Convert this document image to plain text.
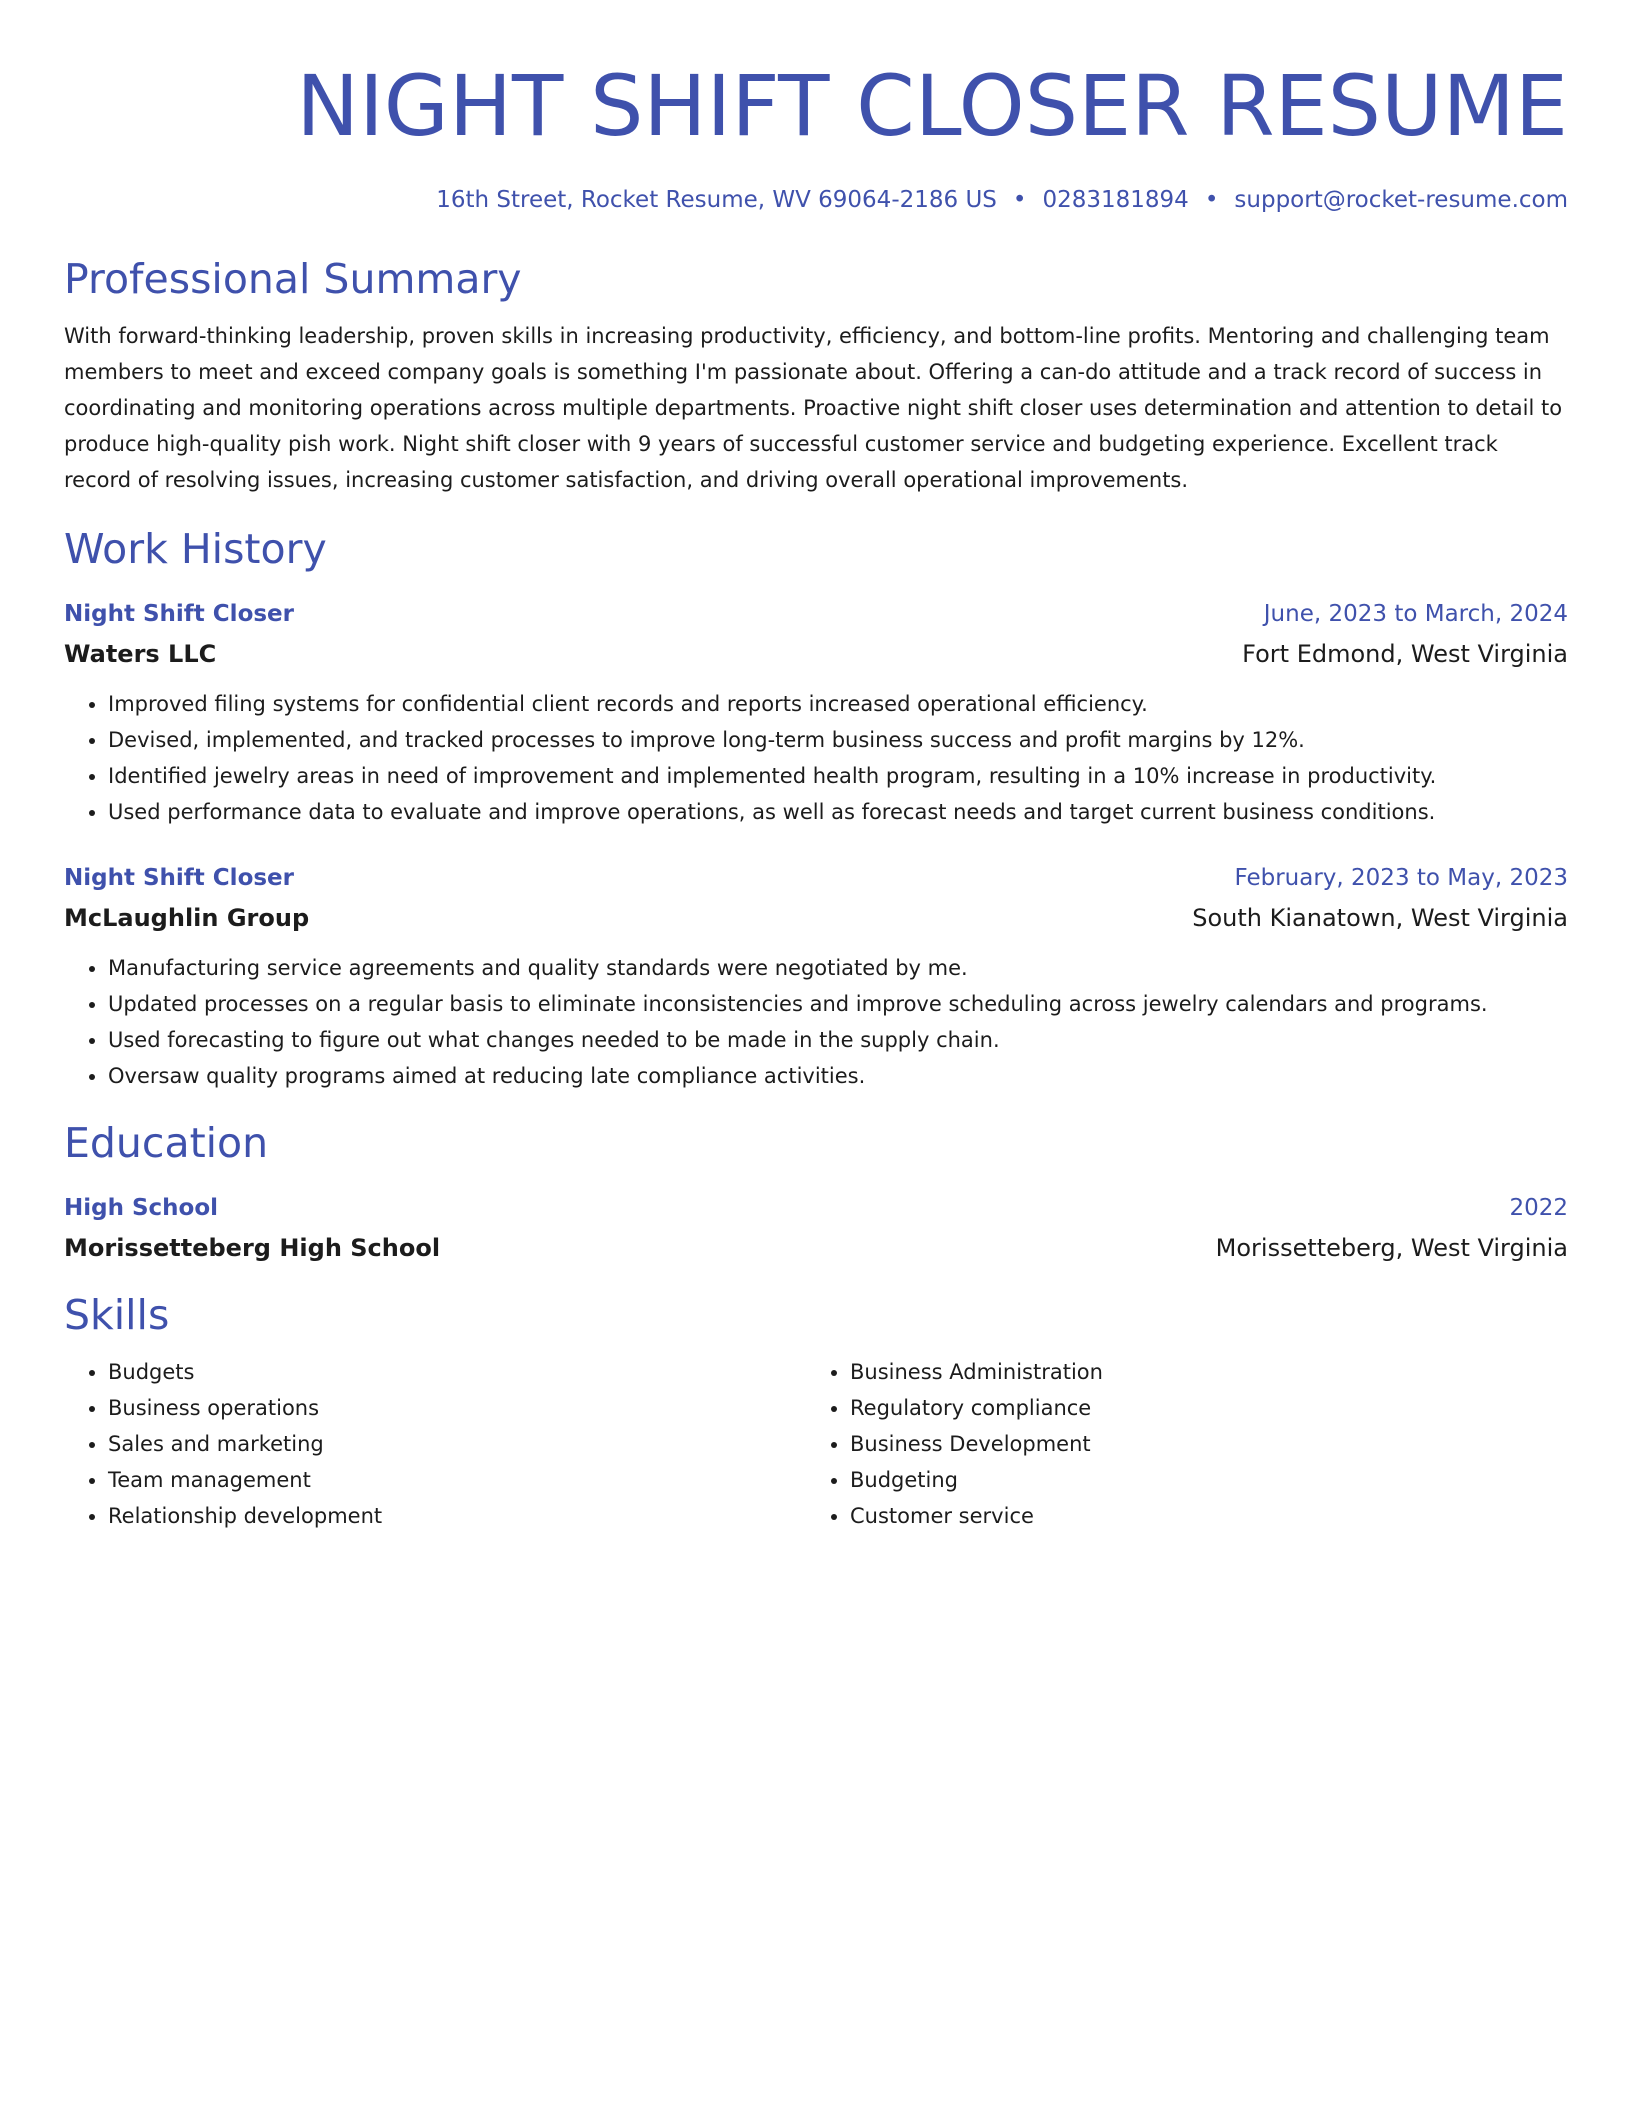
NIGHT SHIFT CLOSER RESUME
16th Street, Rocket Resume, WV 69064-2186 US • 0283181894 • support@rocket-resume.com
Professional Summary
With forward-thinking leadership, proven skills in increasing productivity, efficiency, and bottom-line profits. Mentoring and challenging team members to meet and exceed company goals is something I'm passionate about. Offering a can-do attitude and a track record of success in coordinating and monitoring operations across multiple departments. Proactive night shift closer uses determination and attention to detail to produce high-quality pish work. Night shift closer with 9 years of successful customer service and budgeting experience. Excellent track record of resolving issues, increasing customer satisfaction, and driving overall operational improvements.
Work History
Night Shift Closer	June, 2023 to March, 2024
Waters LLC	Fort Edmond, West Virginia
• Improved filing systems for confidential client records and reports increased operational efficiency.
• Devised, implemented, and tracked processes to improve long-term business success and profit margins by 12%.
• Identified jewelry areas in need of improvement and implemented health program, resulting in a 10% increase in productivity.
• Used performance data to evaluate and improve operations, as well as forecast needs and target current business conditions.
Night Shift Closer	February, 2023 to May, 2023
McLaughlin Group	South Kianatown, West Virginia
• Manufacturing service agreements and quality standards were negotiated by me.
• Updated processes on a regular basis to eliminate inconsistencies and improve scheduling across jewelry calendars and programs.
• Used forecasting to figure out what changes needed to be made in the supply chain.
• Oversaw quality programs aimed at reducing late compliance activities.
Education
High School	2022
Morissetteberg High School	Morissetteberg, West Virginia
Skills
• Budgets
• Business operations
• Sales and marketing
• Team management
• Relationship development
• Business Administration
• Regulatory compliance
• Business Development
• Budgeting
• Customer service
